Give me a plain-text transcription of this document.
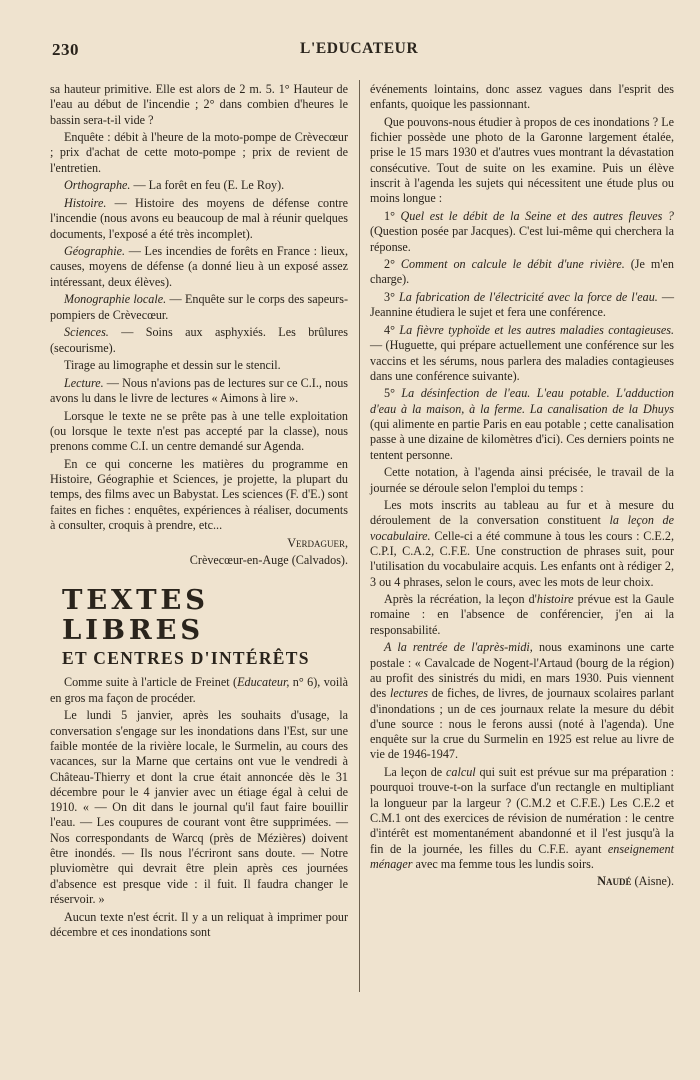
230	L'EDUCATEUR

sa hauteur primitive. Elle est alors de 2 m. 5. 1° Hauteur de l'eau au début de l'incendie ; 2° dans combien d'heures le bassin sera-t-il vide ?

Enquête : débit à l'heure de la moto-pompe de Crèvecœur ; prix d'achat de cette moto-pompe ; prix de revient de l'entretien.

Orthographe. — La forêt en feu (E. Le Roy).

Histoire. — Histoire des moyens de défense contre l'incendie (nous avons eu beaucoup de mal à réunir quelques documents, l'exposé a été très incomplet).

Géographie. — Les incendies de forêts en France : lieux, causes, moyens de défense (a donné lieu à un exposé assez intéressant, deux élèves).

Monographie locale. — Enquête sur le corps des sapeurs-pompiers de Crèvecœur.

Sciences. — Soins aux asphyxiés. Les brûlures (secourisme).

Tirage au limographe et dessin sur le stencil.

Lecture. — Nous n'avions pas de lectures sur ce C.I., nous avons lu dans le livre de lectures « Aimons à lire ».

Lorsque le texte ne se prête pas à une telle exploitation (ou lorsque le texte n'est pas accepté par la classe), nous prenons comme C.I. un centre demandé sur Agenda.

En ce qui concerne les matières du programme en Histoire, Géographie et Sciences, je projette, la plupart du temps, des films avec un Babystat. Les sciences (F. d'E.) sont faites en fiches : enquêtes, expériences à réaliser, documents à consulter, croquis à prendre, etc...

Verdaguer,

Crèvecœur-en-Auge (Calvados).

TEXTES LIBRES
ET CENTRES D'INTÉRÊTS

Comme suite à l'article de Freinet (Educateur, n° 6), voilà en gros ma façon de procéder.

Le lundi 5 janvier, après les souhaits d'usage, la conversation s'engage sur les inondations dans l'Est, sur une faible montée de la rivière locale, le Surmelin, au cours des vacances, sur la Marne que certains ont vue le vendredi à Château-Thierry et dont la crue était annoncée dès le 31 décembre pour le 4 janvier avec un étiage égal à celui de 1910. « — On dit dans le journal qu'il faut faire bouillir l'eau. — Les coupures de courant vont être supprimées. — Nos correspondants de Warcq (près de Mézières) doivent être inondés. — Ils nous l'écriront sans doute. — Notre pluviomètre qui devrait être plein après ces journées d'absence est presque vide : il fuit. Il faudra changer le réservoir. »

Aucun texte n'est écrit. Il y a un reliquat à imprimer pour décembre et ces inondations sont

événements lointains, donc assez vagues dans l'esprit des enfants, quoique les passionnant.

Que pouvons-nous étudier à propos de ces inondations ? Le fichier possède une photo de la Garonne largement étalée, prise le 15 mars 1930 et d'autres vues montrant la dévastation consécutive. Tout de suite on les examine. Puis un élève inscrit à l'agenda les sujets qui nécessitent une étude plus ou moins longue :

1° Quel est le débit de la Seine et des autres fleuves ? (Question posée par Jacques). C'est lui-même qui cherchera la réponse.

2° Comment on calcule le débit d'une rivière. (Je m'en charge).

3° La fabrication de l'électricité avec la force de l'eau. — Jeannine étudiera le sujet et fera une conférence.

4° La fièvre typhoïde et les autres maladies contagieuses. — (Huguette, qui prépare actuellement une conférence sur les vaccins et les sérums, nous parlera des maladies contagieuses dans une conférence suivante).

5° La désinfection de l'eau. L'eau potable. L'adduction d'eau à la maison, à la ferme. La canalisation de la Dhuys (qui alimente en partie Paris en eau potable ; cette canalisation passe à une dizaine de kilomètres d'ici). Ces derniers points ne tentent personne.

Cette notation, à l'agenda ainsi précisée, le travail de la journée se déroule selon l'emploi du temps :

Les mots inscrits au tableau au fur et à mesure du déroulement de la conversation constituent la leçon de vocabulaire. Celle-ci a été commune à tous les cours : C.E.2, C.P.I, C.A.2, C.F.E. Une construction de phrases suit, pour l'utilisation du vocabulaire acquis. Les enfants ont à rédiger 2, 3 ou 4 phrases, selon le cours, avec les mots de leur choix.

Après la récréation, la leçon d'histoire prévue est la Gaule romaine : en l'absence de conférencier, j'en ai la responsabilité.

A la rentrée de l'après-midi, nous examinons une carte postale : « Cavalcade de Nogent-l'Artaud (bourg de la région) au profit des sinistrés du midi, en mars 1930. Puis viennent des lectures de fiches, de livres, de journaux scolaires parlant d'inondations ; un de ces journaux relate la mesure du débit d'une source : nous le ferons aussi (noté à l'agenda). Une enquête sur la crue du Surmelin en 1925 est relue au livre de vie de 1946-1947.

La leçon de calcul qui suit est prévue sur ma préparation : pourquoi trouve-t-on la surface d'un rectangle en multipliant la longueur par la largeur ? (C.M.2 et C.F.E.) Les C.E.2 et C.M.1 ont des exercices de révision de numération : le centre d'intérêt est momentanément abandonné et il l'est jusqu'à la fin de la journée, les filles du C.F.E. ayant enseignement ménager avec ma femme tous les lundis soirs.

Naudé (Aisne).
